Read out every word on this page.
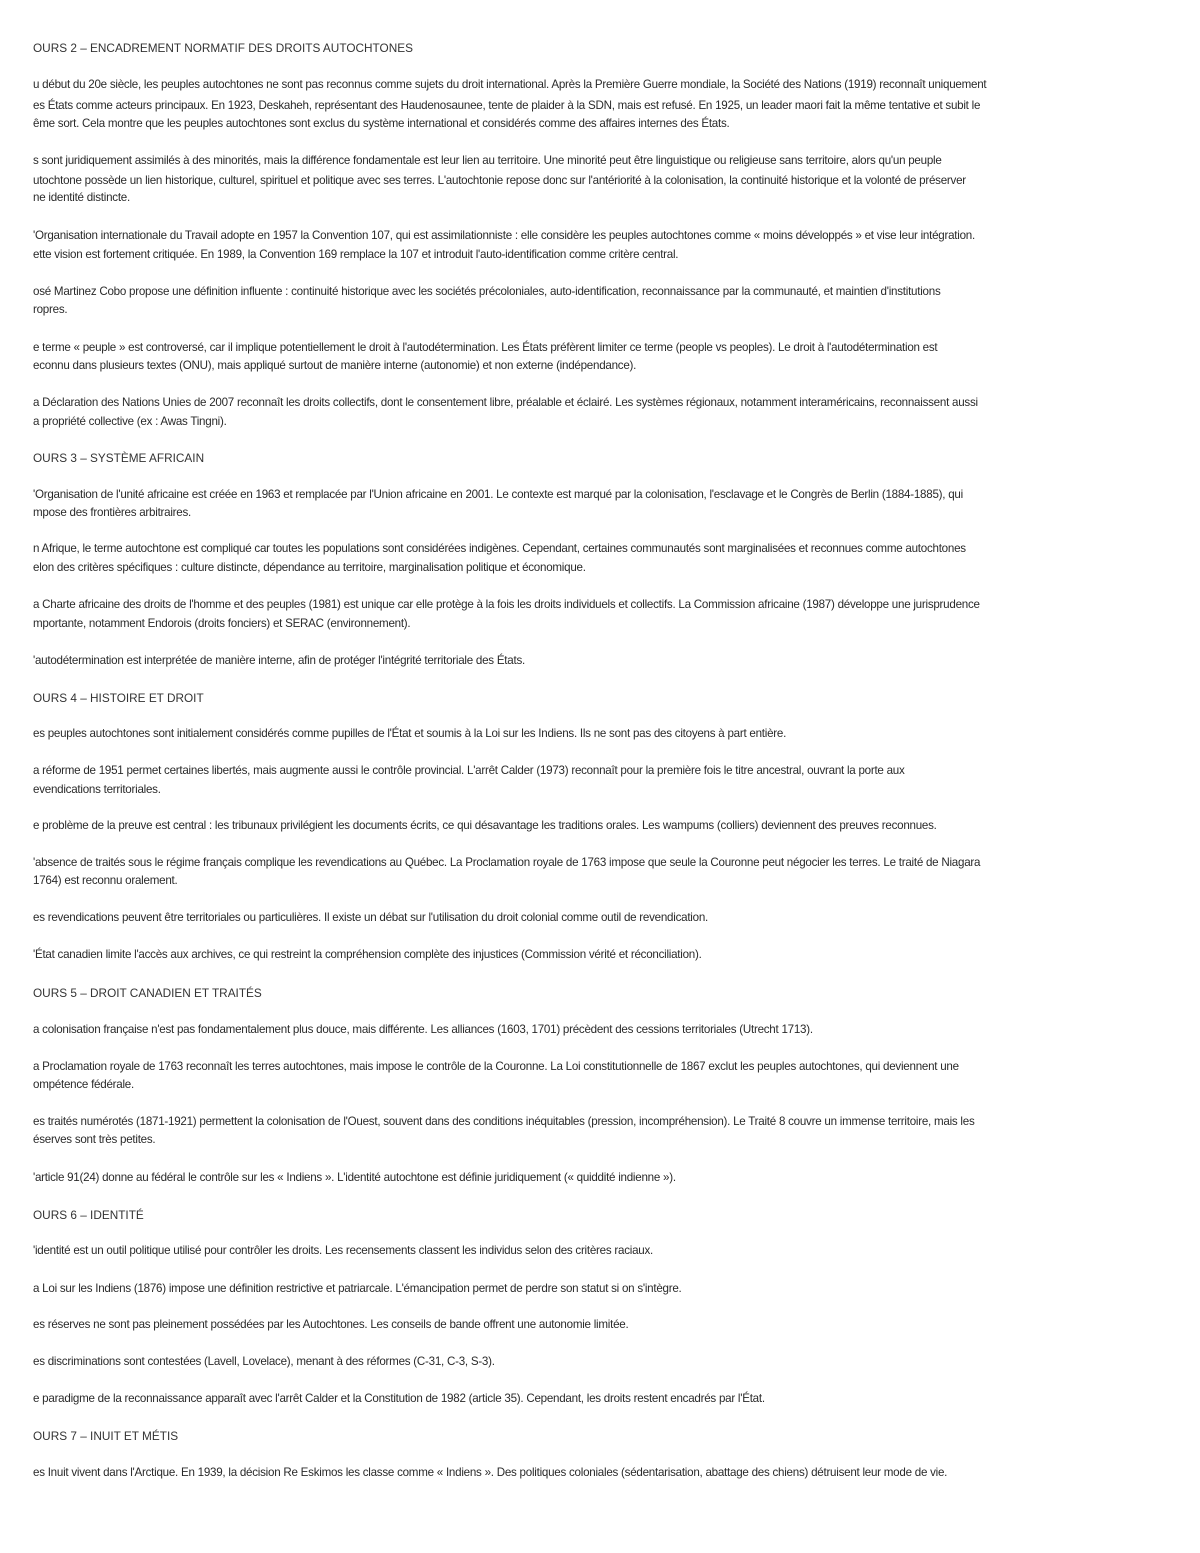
OURS 2 – ENCADREMENT NORMATIF DES DROITS AUTOCHTONES

u début du 20e siècle, les peuples autochtones ne sont pas reconnus comme sujets du droit international. Après la Première Guerre mondiale, la Société des Nations (1919) reconnaît uniquement

es États comme acteurs principaux. En 1923, Deskaheh, représentant des Haudenosaunee, tente de plaider à la SDN, mais est refusé. En 1925, un leader maori fait la même tentative et subit le

ême sort. Cela montre que les peuples autochtones sont exclus du système international et considérés comme des affaires internes des États.

s sont juridiquement assimilés à des minorités, mais la différence fondamentale est leur lien au territoire. Une minorité peut être linguistique ou religieuse sans territoire, alors qu'un peuple

utochtone possède un lien historique, culturel, spirituel et politique avec ses terres. L'autochtonie repose donc sur l'antériorité à la colonisation, la continuité historique et la volonté de préserver

ne identité distincte.

'Organisation internationale du Travail adopte en 1957 la Convention 107, qui est assimilationniste : elle considère les peuples autochtones comme « moins développés » et vise leur intégration.

ette vision est fortement critiquée. En 1989, la Convention 169 remplace la 107 et introduit l'auto-identification comme critère central.

osé Martinez Cobo propose une définition influente : continuité historique avec les sociétés précoloniales, auto-identification, reconnaissance par la communauté, et maintien d'institutions

ropres.

e terme « peuple » est controversé, car il implique potentiellement le droit à l'autodétermination. Les États préfèrent limiter ce terme (people vs peoples). Le droit à l'autodétermination est

econnu dans plusieurs textes (ONU), mais appliqué surtout de manière interne (autonomie) et non externe (indépendance).

a Déclaration des Nations Unies de 2007 reconnaît les droits collectifs, dont le consentement libre, préalable et éclairé. Les systèmes régionaux, notamment interaméricains, reconnaissent aussi

a propriété collective (ex : Awas Tingni).

OURS 3 – SYSTÈME AFRICAIN

'Organisation de l'unité africaine est créée en 1963 et remplacée par l'Union africaine en 2001. Le contexte est marqué par la colonisation, l'esclavage et le Congrès de Berlin (1884-1885), qui

mpose des frontières arbitraires.

n Afrique, le terme autochtone est compliqué car toutes les populations sont considérées indigènes. Cependant, certaines communautés sont marginalisées et reconnues comme autochtones

elon des critères spécifiques : culture distincte, dépendance au territoire, marginalisation politique et économique.

a Charte africaine des droits de l'homme et des peuples (1981) est unique car elle protège à la fois les droits individuels et collectifs. La Commission africaine (1987) développe une jurisprudence

mportante, notamment Endorois (droits fonciers) et SERAC (environnement).

'autodétermination est interprétée de manière interne, afin de protéger l'intégrité territoriale des États.

OURS 4 – HISTOIRE ET DROIT

es peuples autochtones sont initialement considérés comme pupilles de l'État et soumis à la Loi sur les Indiens. Ils ne sont pas des citoyens à part entière.

a réforme de 1951 permet certaines libertés, mais augmente aussi le contrôle provincial. L'arrêt Calder (1973) reconnaît pour la première fois le titre ancestral, ouvrant la porte aux

evendications territoriales.

e problème de la preuve est central : les tribunaux privilégient les documents écrits, ce qui désavantage les traditions orales. Les wampums (colliers) deviennent des preuves reconnues.

'absence de traités sous le régime français complique les revendications au Québec. La Proclamation royale de 1763 impose que seule la Couronne peut négocier les terres. Le traité de Niagara

1764) est reconnu oralement.

es revendications peuvent être territoriales ou particulières. Il existe un débat sur l'utilisation du droit colonial comme outil de revendication.

'État canadien limite l'accès aux archives, ce qui restreint la compréhension complète des injustices (Commission vérité et réconciliation).

OURS 5 – DROIT CANADIEN ET TRAITÉS

a colonisation française n'est pas fondamentalement plus douce, mais différente. Les alliances (1603, 1701) précèdent des cessions territoriales (Utrecht 1713).

a Proclamation royale de 1763 reconnaît les terres autochtones, mais impose le contrôle de la Couronne. La Loi constitutionnelle de 1867 exclut les peuples autochtones, qui deviennent une

ompétence fédérale.

es traités numérotés (1871-1921) permettent la colonisation de l'Ouest, souvent dans des conditions inéquitables (pression, incompréhension). Le Traité 8 couvre un immense territoire, mais les

éserves sont très petites.

'article 91(24) donne au fédéral le contrôle sur les « Indiens ». L'identité autochtone est définie juridiquement (« quiddité indienne »).

OURS 6 – IDENTITÉ

'identité est un outil politique utilisé pour contrôler les droits. Les recensements classent les individus selon des critères raciaux.

a Loi sur les Indiens (1876) impose une définition restrictive et patriarcale. L'émancipation permet de perdre son statut si on s'intègre.

es réserves ne sont pas pleinement possédées par les Autochtones. Les conseils de bande offrent une autonomie limitée.

es discriminations sont contestées (Lavell, Lovelace), menant à des réformes (C-31, C-3, S-3).

e paradigme de la reconnaissance apparaît avec l'arrêt Calder et la Constitution de 1982 (article 35). Cependant, les droits restent encadrés par l'État.

OURS 7 – INUIT ET MÉTIS

es Inuit vivent dans l'Arctique. En 1939, la décision Re Eskimos les classe comme « Indiens ». Des politiques coloniales (sédentarisation, abattage des chiens) détruisent leur mode de vie.
